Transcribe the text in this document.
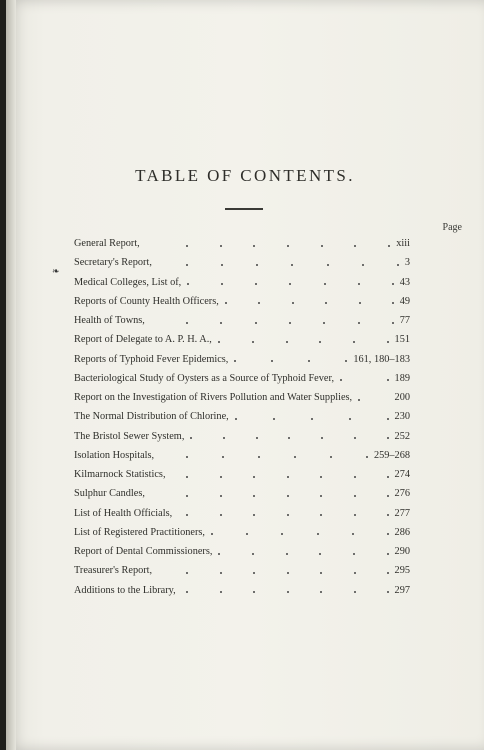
TABLE OF CONTENTS.
Page
❧
General Report,	xiii
Secretary's Report,	3
Medical Colleges, List of,	43
Reports of County Health Officers,	49
Health of Towns,	77
Report of Delegate to A. P. H. A.,	151
Reports of Typhoid Fever Epidemics,	161, 180–183
Bacteriological Study of Oysters as a Source of Typhoid Fever,	189
Report on the Investigation of Rivers Pollution and Water Supplies,	200
The Normal Distribution of Chlorine,	230
The Bristol Sewer System,	252
Isolation Hospitals,	259–268
Kilmarnock Statistics,	274
Sulphur Candles,	276
List of Health Officials,	277
List of Registered Practitioners,	286
Report of Dental Commissioners,	290
Treasurer's Report,	295
Additions to the Library,	297
